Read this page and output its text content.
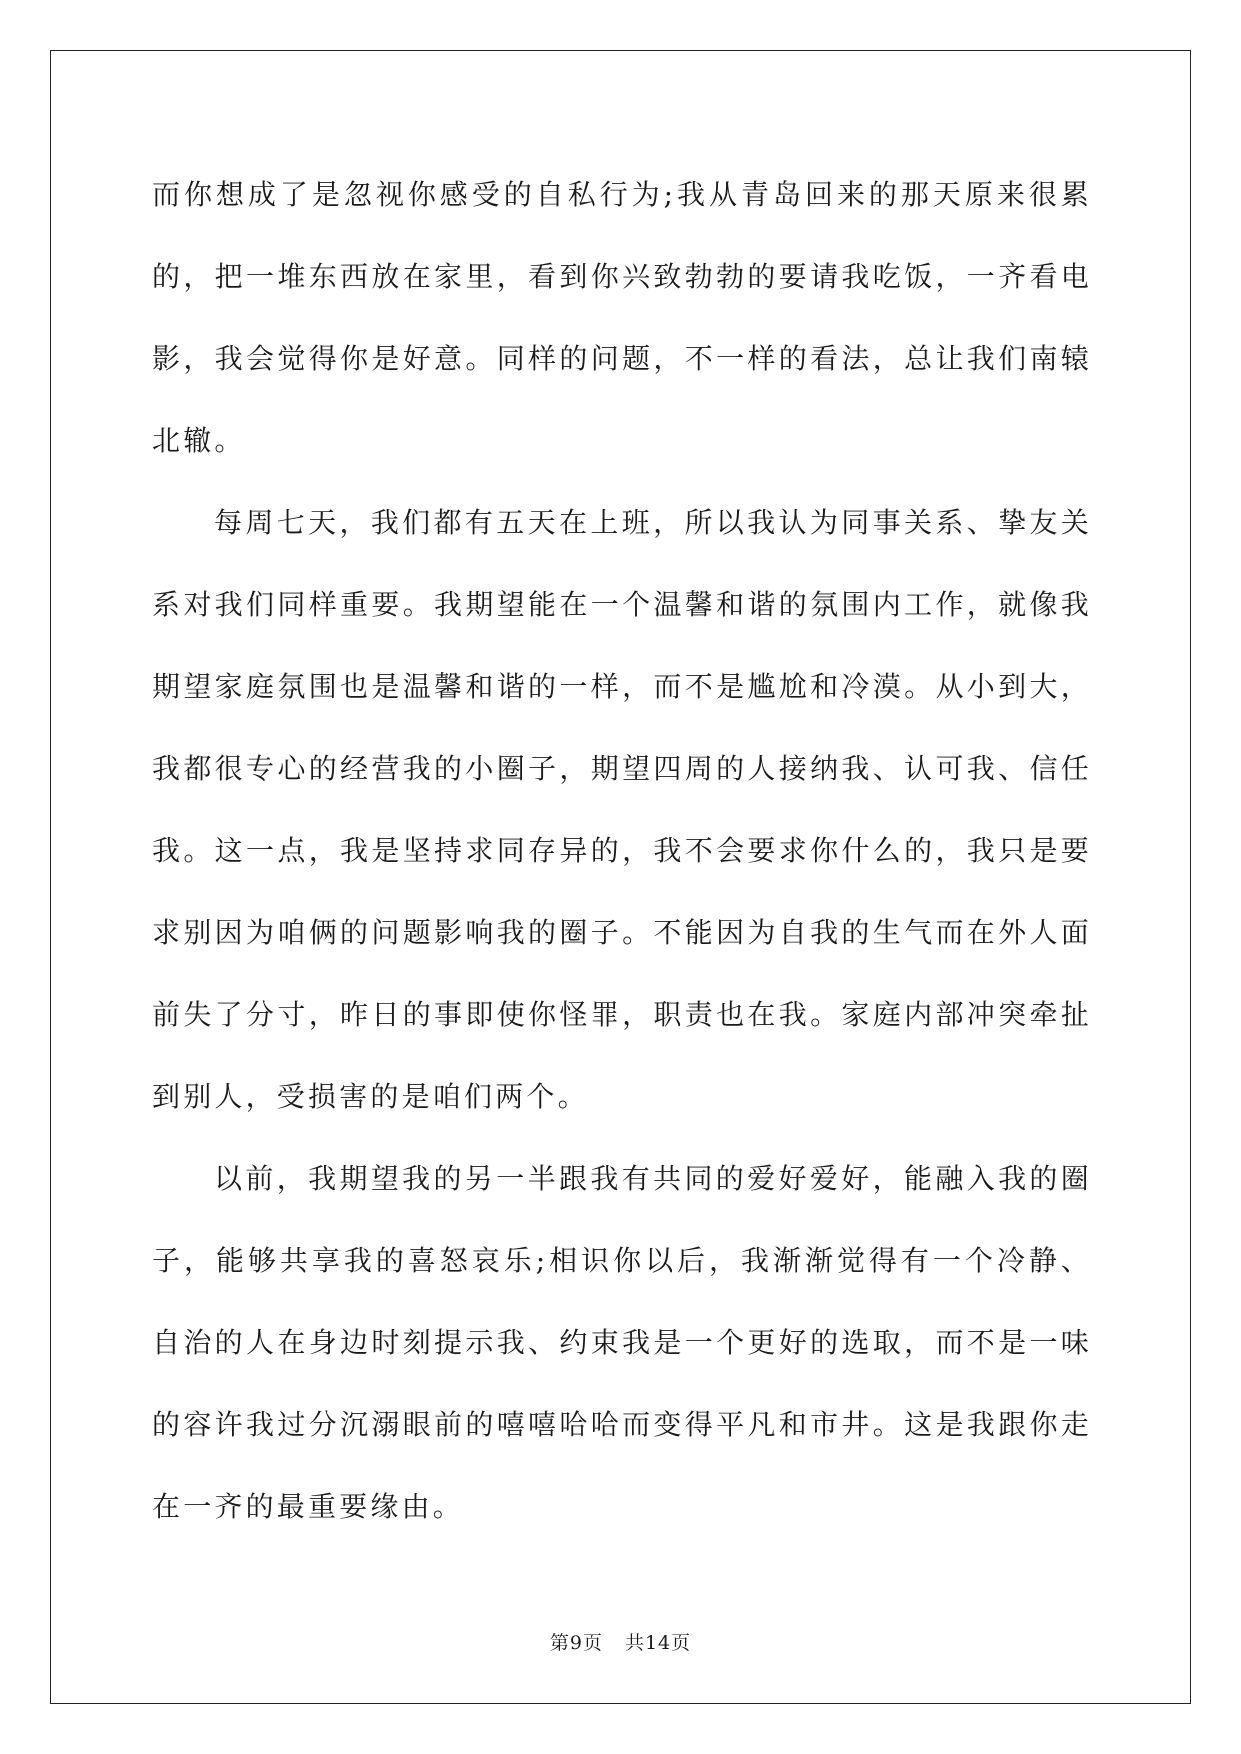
而你想成了是忽视你感受的自私行为;我从青岛回来的那天原来很累的，把一堆东西放在家里，看到你兴致勃勃的要请我吃饭，一齐看电影，我会觉得你是好意。同样的问题，不一样的看法，总让我们南辕北辙。

每周七天，我们都有五天在上班，所以我认为同事关系、挚友关系对我们同样重要。我期望能在一个温馨和谐的氛围内工作，就像我期望家庭氛围也是温馨和谐的一样，而不是尴尬和冷漠。从小到大，我都很专心的经营我的小圈子，期望四周的人接纳我、认可我、信任我。这一点，我是坚持求同存异的，我不会要求你什么的，我只是要求别因为咱俩的问题影响我的圈子。不能因为自我的生气而在外人面前失了分寸，昨日的事即使你怪罪，职责也在我。家庭内部冲突牵扯到别人，受损害的是咱们两个。

以前，我期望我的另一半跟我有共同的爱好爱好，能融入我的圈子，能够共享我的喜怒哀乐;相识你以后，我渐渐觉得有一个冷静、自治的人在身边时刻提示我、约束我是一个更好的选取，而不是一味的容许我过分沉溺眼前的嘻嘻哈哈而变得平凡和市井。这是我跟你走在一齐的最重要缘由。

第9页 共14页
